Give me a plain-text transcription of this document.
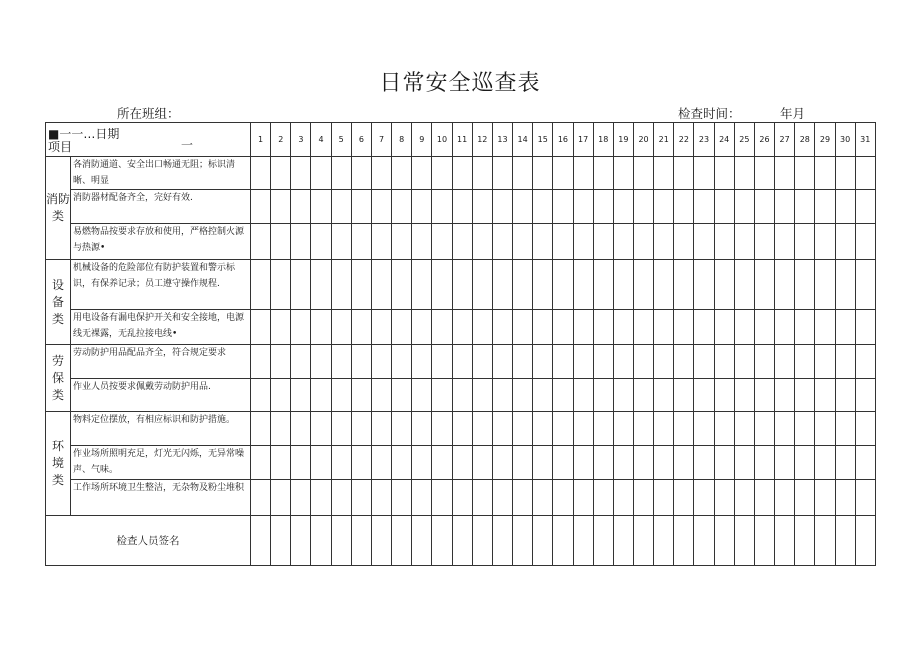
日常安全巡查表
所在班组：	检查时间：	年月
■一一…日期
项目 一		1	2	3	4	5	6	7	8	9	10	11	12	13	14	15	16	17	18	19	20	21	22	23	24	25	26	27	28	29	30	31

消防
类	各消防通道、安全出口畅通无阻；标识清晰、明显																															
	消防器材配备齐全，完好有效.																															
	易燃物品按要求存放和使用，严格控制火源与热源•																															

设 备
类	机械设备的危险部位有防护装置和警示标识，有保养记录；员工遵守操作规程.																															
	用电设备有漏电保护开关和安全接地，电源线无裸露，无乱拉接电线•																															

劳 保
类	劳动防护用品配品齐全，符合规定要求																															
	作业人员按要求佩戴劳动防护用品.																															

环 境
类	物料定位摆放，有相应标识和防护措施。																															
	作业场所照明充足，灯光无闪烁，无异常噪声、气味。																															
	工作场所环境卫生整洁，无杂物及粉尘堆积																															
检查人员签名																																
